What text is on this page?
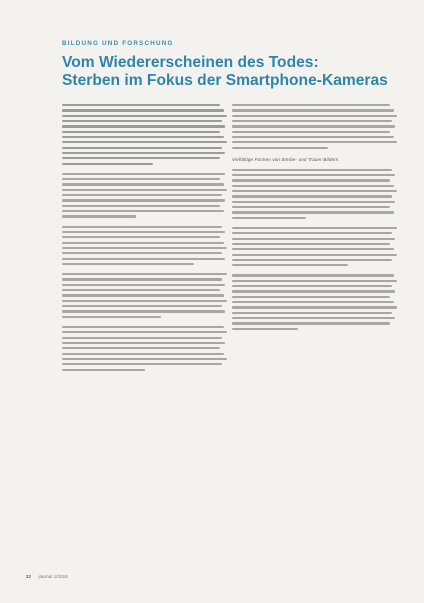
BILDUNG UND FORSCHUNG
Vom Wiedererscheinen des Todes:
Sterben im Fokus der Smartphone-Kameras
Vielfältige Formen von Sterbe- und Trauer-Bildern
22 journal 1/2019
